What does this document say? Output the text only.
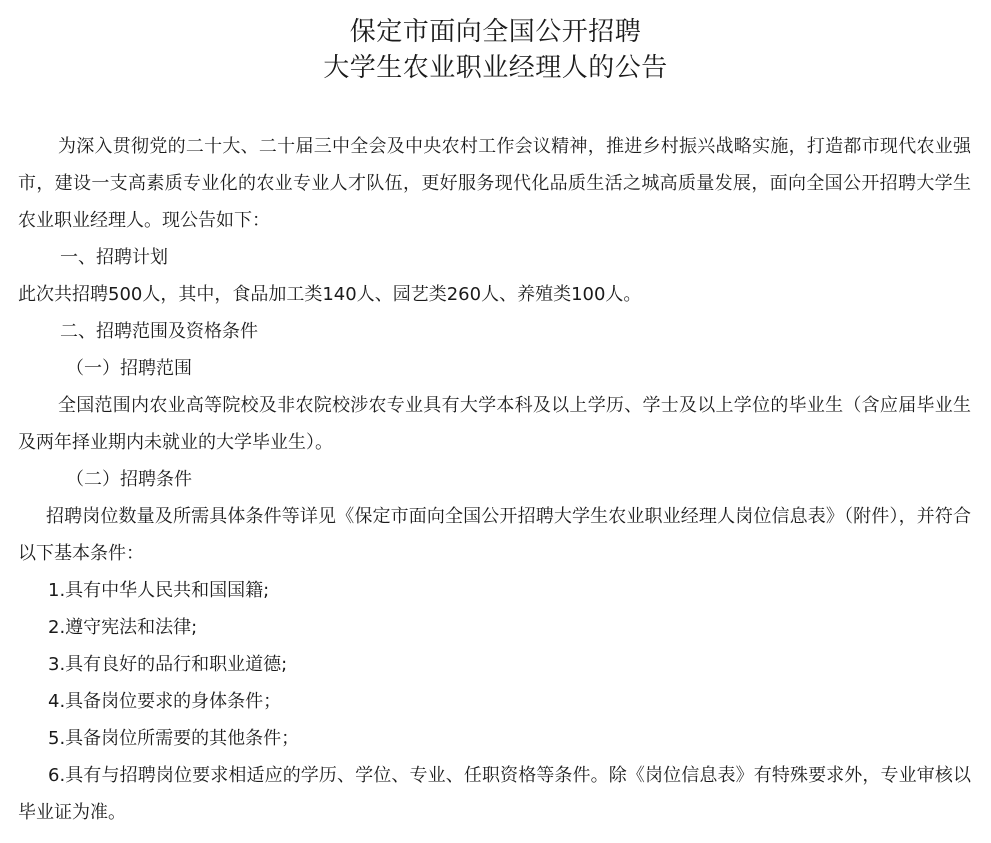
保定市面向全国公开招聘
大学生农业职业经理人的公告

为深入贯彻党的二十大、二十届三中全会及中央农村工作会议精神，推进乡村振兴战略实施，打造都市现代农业强市，建设一支高素质专业化的农业专业人才队伍，更好服务现代化品质生活之城高质量发展，面向全国公开招聘大学生农业职业经理人。现公告如下：

一、招聘计划

此次共招聘500人，其中，食品加工类140人、园艺类260人、养殖类100人。

二、招聘范围及资格条件

（一）招聘范围

全国范围内农业高等院校及非农院校涉农专业具有大学本科及以上学历、学士及以上学位的毕业生（含应届毕业生及两年择业期内未就业的大学毕业生）。

（二）招聘条件

招聘岗位数量及所需具体条件等详见《保定市面向全国公开招聘大学生农业职业经理人岗位信息表》（附件），并符合以下基本条件：

1.具有中华人民共和国国籍;

2.遵守宪法和法律;

3.具有良好的品行和职业道德;

4.具备岗位要求的身体条件；

5.具备岗位所需要的其他条件；

6.具有与招聘岗位要求相适应的学历、学位、专业、任职资格等条件。除《岗位信息表》有特殊要求外，专业审核以毕业证为准。
